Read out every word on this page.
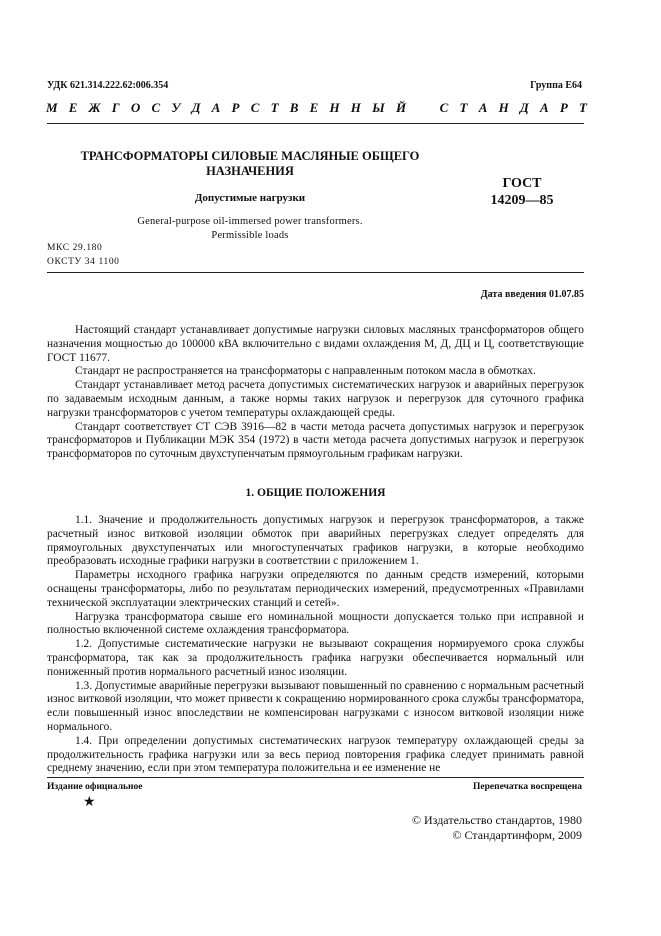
УДК 621.314.222.62:006.354	Группа Е64
М Е Ж Г О С У Д А Р С Т В Е Н Н Ы Й	С Т А Н Д А Р Т
ТРАНСФОРМАТОРЫ СИЛОВЫЕ МАСЛЯНЫЕ ОБЩЕГО
НАЗНАЧЕНИЯ
Допустимые нагрузки
ГОСТ
14209—85
General-purpose oil-immersed power transformers.
Permissible loads
МКС 29.180
ОКСТУ 34 1100
Дата введения 01.07.85

Настоящий стандарт устанавливает допустимые нагрузки силовых масляных трансформаторов общего назначения мощностью до 100000 кВА включительно с видами охлаждения М, Д, ДЦ и Ц, соответствующие ГОСТ 11677.

Стандарт не распространяется на трансформаторы с направленным потоком масла в обмотках.

Стандарт устанавливает метод расчета допустимых систематических нагрузок и аварийных перегрузок по задаваемым исходным данным, а также нормы таких нагрузок и перегрузок для суточного графика нагрузки трансформаторов с учетом температуры охлаждающей среды.

Стандарт соответствует СТ СЭВ 3916—82 в части метода расчета допустимых нагрузок и перегрузок трансформаторов и Публикации МЭК 354 (1972) в части метода расчета допустимых нагрузок и перегрузок трансформаторов по суточным двухступенчатым прямоугольным графикам нагрузки.

1. ОБЩИЕ ПОЛОЖЕНИЯ

1.1. Значение и продолжительность допустимых нагрузок и перегрузок трансформаторов, а также расчетный износ витковой изоляции обмоток при аварийных перегрузках следует определять для прямоугольных двухступенчатых или многоступенчатых графиков нагрузки, в которые необходимо преобразовать исходные графики нагрузки в соответствии с приложением 1.

Параметры исходного графика нагрузки определяются по данным средств измерений, которыми оснащены трансформаторы, либо по результатам периодических измерений, предусмотренных «Правилами технической эксплуатации электрических станций и сетей».

Нагрузка трансформатора свыше его номинальной мощности допускается только при исправной и полностью включенной системе охлаждения трансформатора.

1.2. Допустимые систематические нагрузки не вызывают сокращения нормируемого срока службы трансформатора, так как за продолжительность графика нагрузки обеспечивается нормальный или пониженный против нормального расчетный износ изоляции.

1.3. Допустимые аварийные перегрузки вызывают повышенный по сравнению с нормальным расчетный износ витковой изоляции, что может привести к сокращению нормированного срока службы трансформатора, если повышенный износ впоследствии не компенсирован нагрузками с износом витковой изоляции ниже нормального.

1.4. При определении допустимых систематических нагрузок температуру охлаждающей среды за продолжительность графика нагрузки или за весь период повторения графика следует принимать равной среднему значению, если при этом температура положительна и ее изменение не

Издание официальное	Перепечатка воспрещена
★
© Издательство стандартов, 1980
© Стандартинформ, 2009
